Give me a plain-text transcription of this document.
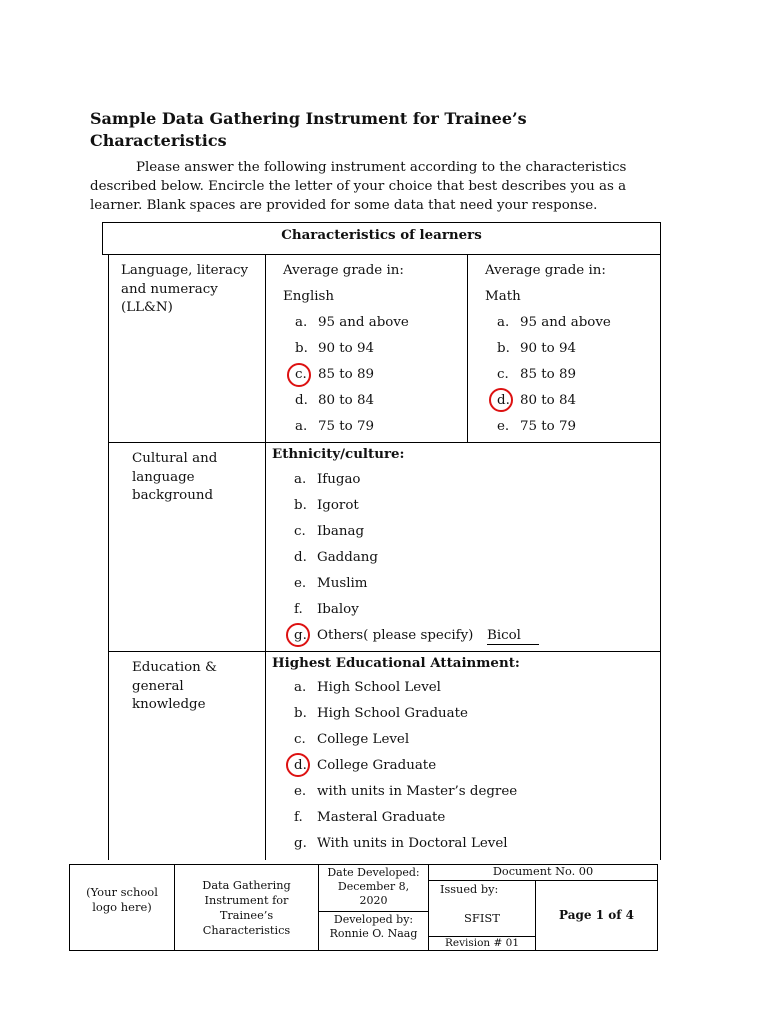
Sample Data Gathering Instrument for Trainee’s
Characteristics
Please answer the following instrument according to the characteristics
described below. Encircle the letter of your choice that best describes you as a
learner. Blank spaces are provided for some data that need your response.
Characteristics of learners
Language, literacy
and numeracy
(LL&N)
Average grade in:
English
a. 95 and above
b. 90 to 94
c. 85 to 89
d. 80 to 84
a. 75 to 79
Average grade in:
Math
a. 95 and above
b. 90 to 94
c. 85 to 89
d. 80 to 84
e. 75 to 79
Cultural and
language
background
Ethnicity/culture:
a. Ifugao
b. Igorot
c. Ibanag
d. Gaddang
e. Muslim
f. Ibaloy
g. Others( please specify) Bicol
Education &
general
knowledge
Highest Educational Attainment:
a. High School Level
b. High School Graduate
c. College Level
d. College Graduate
e. with units in Master’s degree
f. Masteral Graduate
g. With units in Doctoral Level
(Your school
logo here)
Data Gathering
Instrument for
Trainee’s
Characteristics
Date Developed:
December 8,
2020
Developed by:
Ronnie O. Naag
Document No. 00
Issued by:
SFIST
Revision # 01
Page 1 of 4
